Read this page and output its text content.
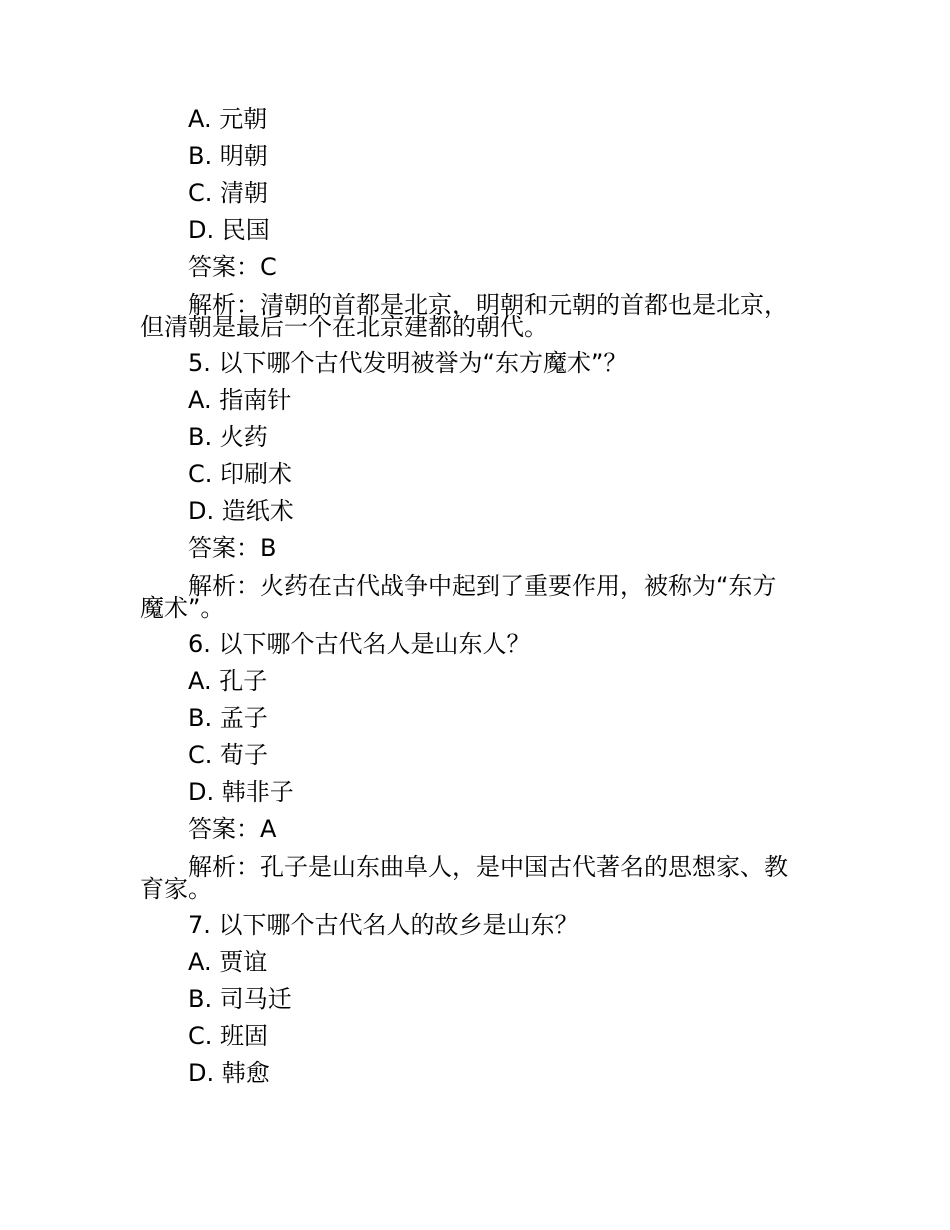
A. 元朝
B. 明朝
C. 清朝
D. 民国
答案：C
解析：清朝的首都是北京，明朝和元朝的首都也是北京，
但清朝是最后一个在北京建都的朝代。
5. 以下哪个古代发明被誉为“东方魔术”？
A. 指南针
B. 火药
C. 印刷术
D. 造纸术
答案：B
解析：火药在古代战争中起到了重要作用，被称为“东方
魔术”。
6. 以下哪个古代名人是山东人？
A. 孔子
B. 孟子
C. 荀子
D. 韩非子
答案：A
解析：孔子是山东曲阜人，是中国古代著名的思想家、教
育家。
7. 以下哪个古代名人的故乡是山东？
A. 贾谊
B. 司马迁
C. 班固
D. 韩愈
